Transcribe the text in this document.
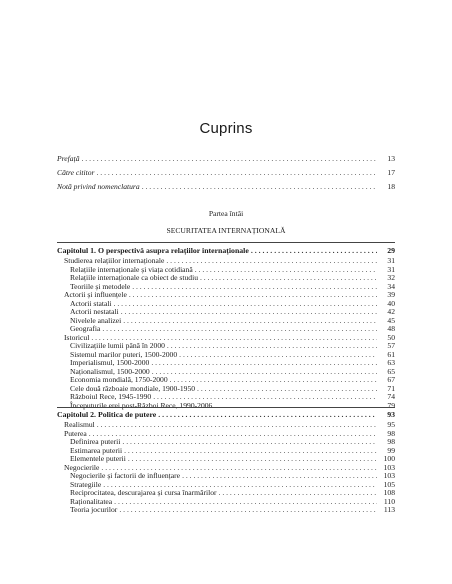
Cuprins
Prefață . . .	13
Către cititor . . .	17
Notă privind nomenclatura . . .	18
Partea întâi
SECURITATEA INTERNAȚIONALĂ
Capitolul 1. O perspectivă asupra relațiilor internaționale . . .	29
Studierea relațiilor internaționale . . .	31
Relațiile internaționale și viața cotidiană . . .	31
Relațiile internaționale ca obiect de studiu . . .	32
Teoriile și metodele . . .	34
Actorii și influențele . . .	39
Actorii statali . . .	40
Actorii nestatali . . .	42
Nivelele analizei . . .	45
Geografia . . .	48
Istoricul . . .	50
Civilizațiile lumii până în 2000 . . .	57
Sistemul marilor puteri, 1500-2000 . . .	61
Imperialismul, 1500-2000 . . .	63
Naționalismul, 1500-2000 . . .	65
Economia mondială, 1750-2000 . . .	67
Cele două războaie mondiale, 1900-1950 . . .	71
Războiul Rece, 1945-1990 . . .	74
Începuturile erei post-Război Rece, 1990-2006 . . .	79
Capitolul 2. Politica de putere . . .	93
Realismul . . .	95
Puterea . . .	98
Definirea puterii . . .	98
Estimarea puterii . . .	99
Elementele puterii . . .	100
Negocierile . . .	103
Negocierile și factorii de influențare . . .	103
Strategiile . . .	105
Reciprocitatea, descurajarea și cursa înarmărilor . . .	108
Raționalitatea . . .	110
Teoria jocurilor . . .	113
